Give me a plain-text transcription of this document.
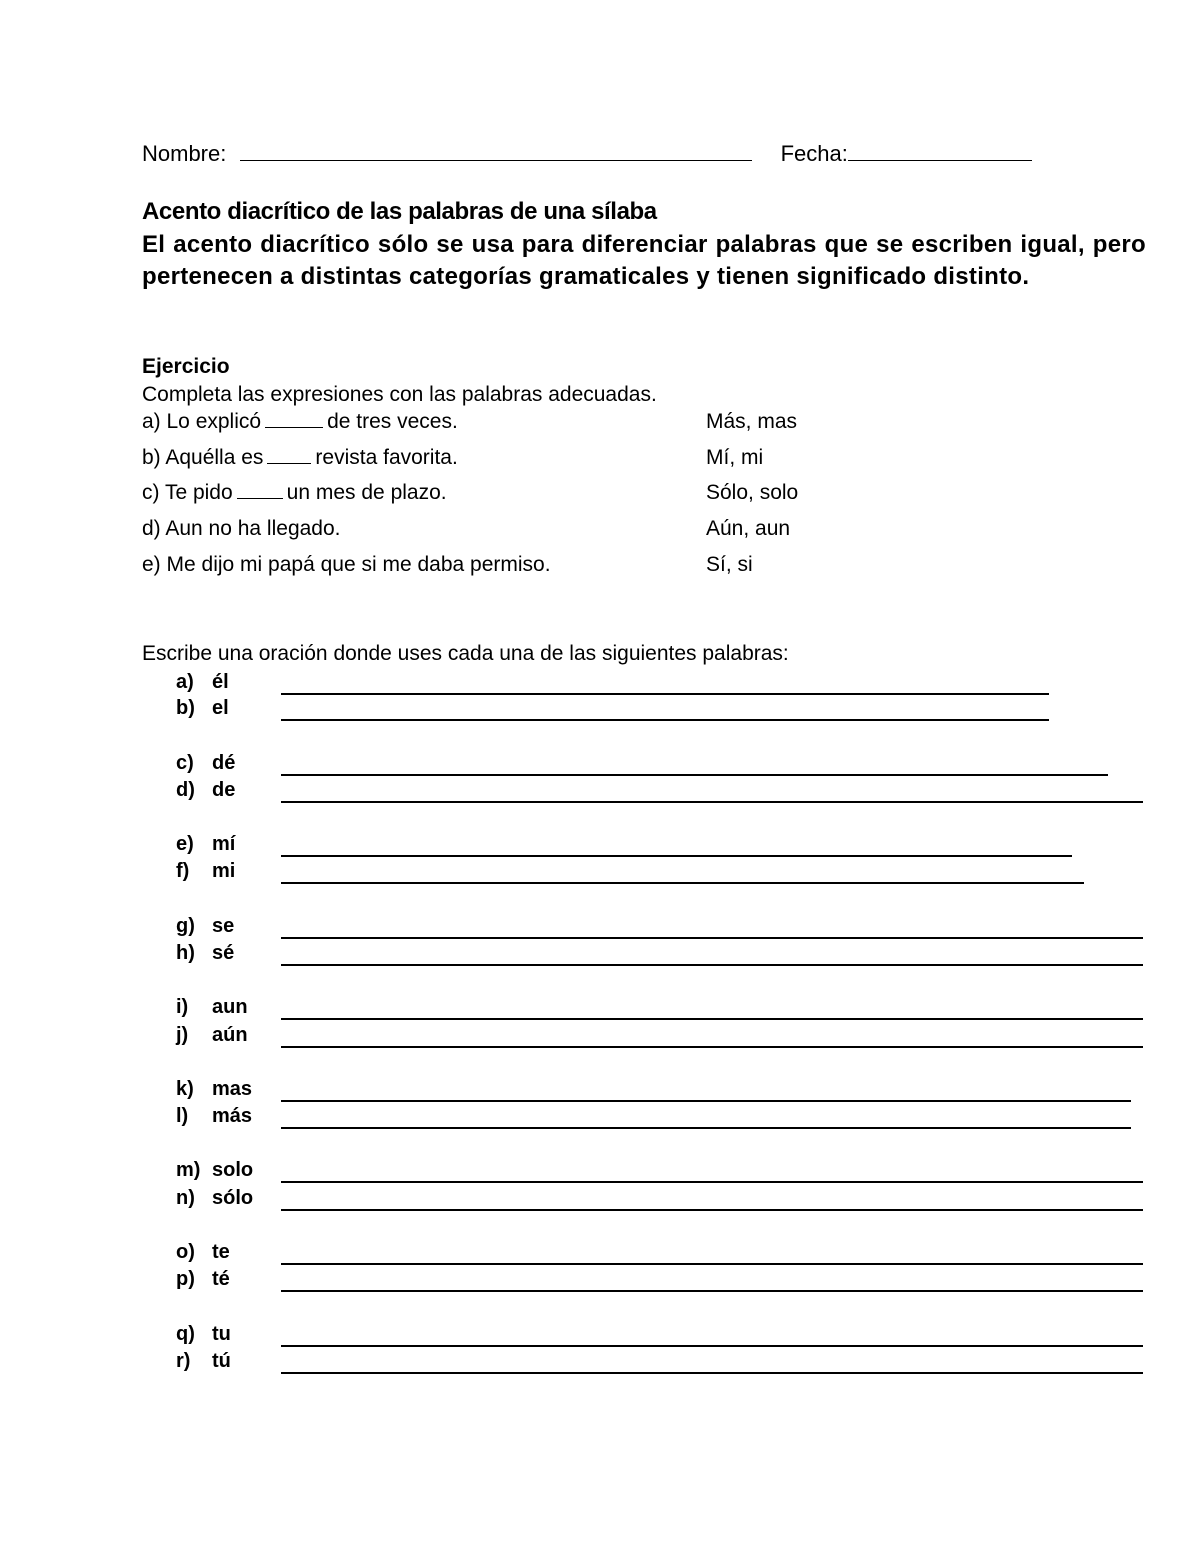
Nombre:	Fecha:
Acento diacrítico de las palabras de una sílaba
El acento diacrítico sólo se usa para diferenciar palabras que se escriben igual, pero pertenecen a distintas categorías gramaticales y tienen significado distinto.
Ejercicio
Completa las expresiones con las palabras adecuadas.
a) Lo explicó	de tres veces.	Más, mas
b) Aquélla es revista favorita.	Mí, mi
c) Te pido	un mes de plazo.	Sólo, solo
d) Aun no ha llegado.	Aún, aun
e) Me dijo mi papá que si me daba permiso.	Sí, si
Escribe una oración donde uses cada una de las siguientes palabras:
a) él
b) el
c) dé
d) de
e) mí
f) mi
g) se
h) sé
i) aun
j) aún
k) mas
l) más
m) solo
n) sólo
o) te
p) té
q) tu
r) tú
